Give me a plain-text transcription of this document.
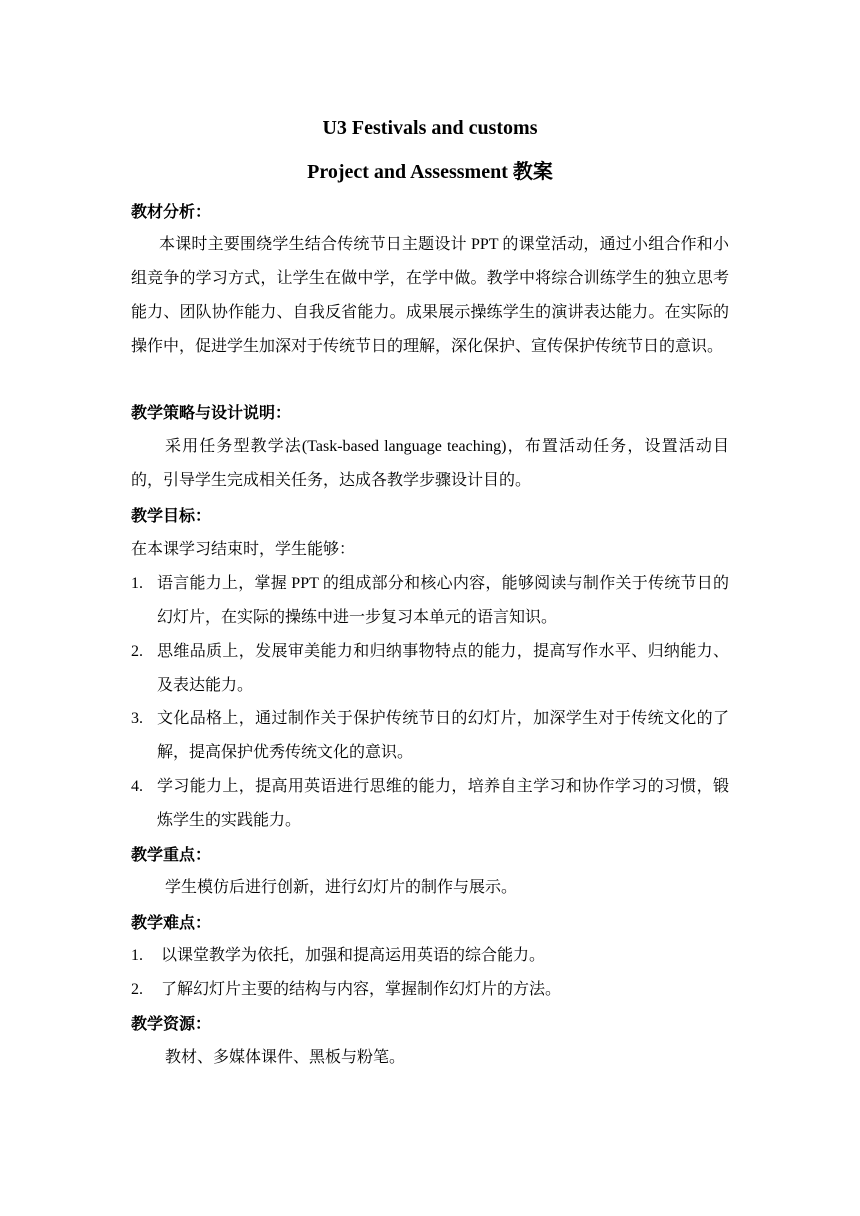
U3 Festivals and customs
Project and Assessment 教案
教材分析：
本课时主要围绕学生结合传统节日主题设计 PPT 的课堂活动，通过小组合作和小组竞争的学习方式，让学生在做中学，在学中做。教学中将综合训练学生的独立思考能力、团队协作能力、自我反省能力。成果展示操练学生的演讲表达能力。在实际的操作中，促进学生加深对于传统节日的理解，深化保护、宣传保护传统节日的意识。
教学策略与设计说明：
采用任务型教学法(Task-based language teaching)，布置活动任务，设置活动目的，引导学生完成相关任务，达成各教学步骤设计目的。
教学目标：
在本课学习结束时，学生能够：
1. 语言能力上，掌握 PPT 的组成部分和核心内容，能够阅读与制作关于传统节日的幻灯片，在实际的操练中进一步复习本单元的语言知识。
2. 思维品质上，发展审美能力和归纳事物特点的能力，提高写作水平、归纳能力、及表达能力。
3. 文化品格上，通过制作关于保护传统节日的幻灯片，加深学生对于传统文化的了解，提高保护优秀传统文化的意识。
4. 学习能力上，提高用英语进行思维的能力，培养自主学习和协作学习的习惯，锻炼学生的实践能力。
教学重点：
学生模仿后进行创新，进行幻灯片的制作与展示。
教学难点：
1. 以课堂教学为依托，加强和提高运用英语的综合能力。
2. 了解幻灯片主要的结构与内容，掌握制作幻灯片的方法。
教学资源：
教材、多媒体课件、黑板与粉笔。
